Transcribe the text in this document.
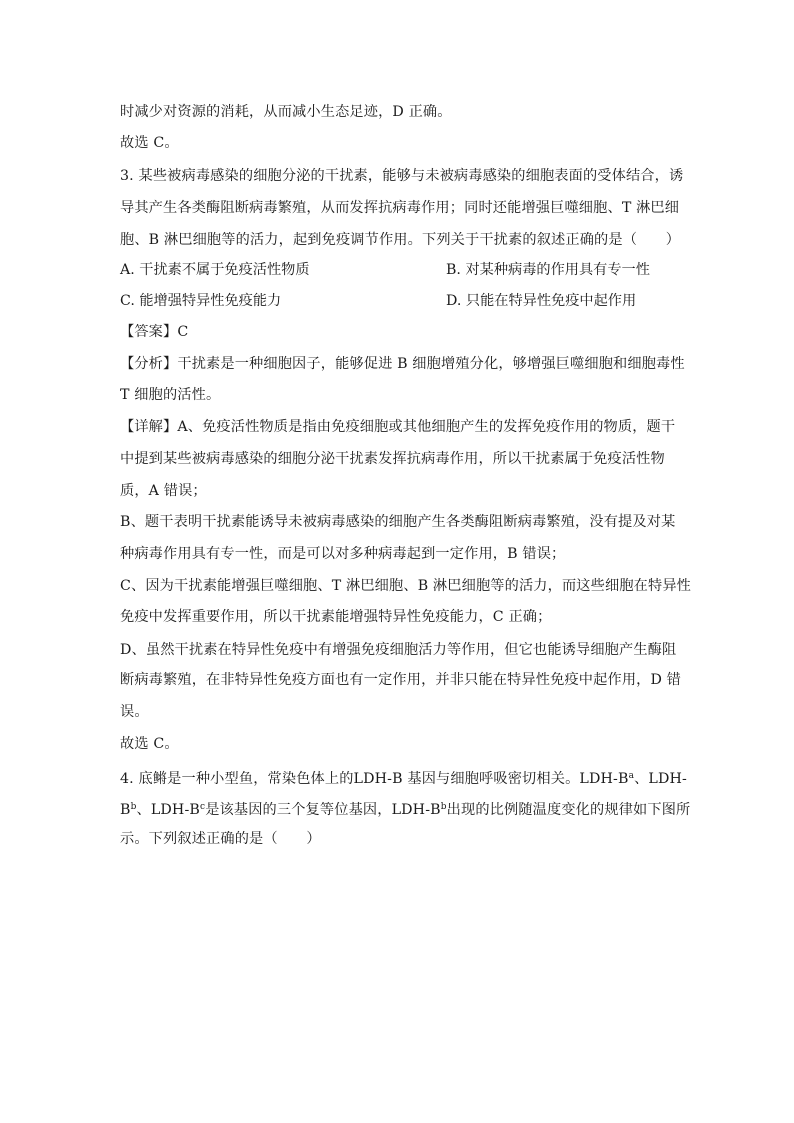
时减少对资源的消耗，从而减小生态足迹，D 正确。
故选 C。
3. 某些被病毒感染的细胞分泌的干扰素，能够与未被病毒感染的细胞表面的受体结合，诱
导其产生各类酶阻断病毒繁殖，从而发挥抗病毒作用；同时还能增强巨噬细胞、T 淋巴细
胞、B 淋巴细胞等的活力，起到免疫调节作用。下列关于干扰素的叙述正确的是（　　）
A. 干扰素不属于免疫活性物质	B. 对某种病毒的作用具有专一性
C. 能增强特异性免疫能力	D. 只能在特异性免疫中起作用
【答案】C
【分析】干扰素是一种细胞因子，能够促进 B 细胞增殖分化，够增强巨噬细胞和细胞毒性
T 细胞的活性。
【详解】A、免疫活性物质是指由免疫细胞或其他细胞产生的发挥免疫作用的物质，题干
中提到某些被病毒感染的细胞分泌干扰素发挥抗病毒作用，所以干扰素属于免疫活性物
质，A 错误；
B、题干表明干扰素能诱导未被病毒感染的细胞产生各类酶阻断病毒繁殖，没有提及对某
种病毒作用具有专一性，而是可以对多种病毒起到一定作用，B 错误；
C、因为干扰素能增强巨噬细胞、T 淋巴细胞、B 淋巴细胞等的活力，而这些细胞在特异性
免疫中发挥重要作用，所以干扰素能增强特异性免疫能力，C 正确；
D、虽然干扰素在特异性免疫中有增强免疫细胞活力等作用，但它也能诱导细胞产生酶阻
断病毒繁殖，在非特异性免疫方面也有一定作用，并非只能在特异性免疫中起作用，D 错
误。
故选 C。
4. 底鳉是一种小型鱼，常染色体上的LDH-B 基因与细胞呼吸密切相关。LDH-$B^a$、LDH-
$B^b$、LDH-$B^c$是该基因的三个复等位基因，LDH-$B^b$出现的比例随温度变化的规律如下图所
示。下列叙述正确的是（　　）
